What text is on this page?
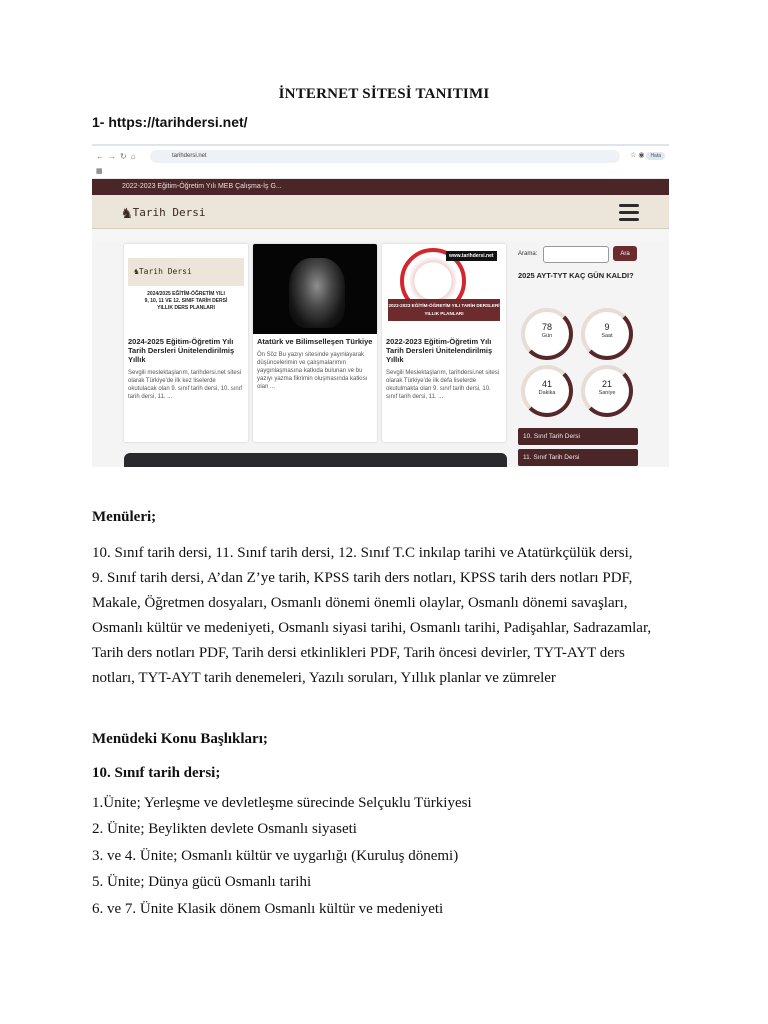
İNTERNET SİTESİ TANITIMI
1- https://tarihdersi.net/
←→↻⌂	tarihdersi.net	☆ ◉ Hata
▦
2022-2023 Eğitim-Öğretim Yılı MEB Çalışma-İş G...
♞Tarih Dersi
♞Tarih Dersi
2024/2025 EĞİTİM-ÖĞRETİM YILI
9, 10, 11 VE 12. SINIF TARİH DERSİ
YILLIK DERS PLANLARI
2024-2025 Eğitim-Öğretim Yılı Tarih Dersleri Ünitelendirilmiş Yıllık
Sevgili meslektaşlarım, tarihdersi.net sitesi olarak Türkiye'de ilk kez liselerde okutulacak olan 9. sınıf tarih dersi, 10. sınıf tarih dersi, 11. ...
Atatürk ve Bilimselleşen Türkiye
Ön Söz Bu yazıyı sitesinde yayınlayarak düşüncelerimin ve çalışmalarımın yaygınlaşmasına katkıda bulunan ve bu yazıyı yazma fikrimin oluşmasında katkısı olan ...
www.tarihdersi.net
2022-2023 EĞİTİM-ÖĞRETİM YILI TARİH DERSLERİ YILLIK PLANLARI
2022-2023 Eğitim-Öğretim Yılı Tarih Dersleri Ünitelendirilmiş Yıllık
Sevgili Meslektaşlarım, tarihdersi.net sitesi olarak Türkiye'de ilk defa liselerde okutulmakta olan 9. sınıf tarih dersi, 10. sınıf tarih dersi, 11. ...
Arama:	Ara
2025 AYT-TYT KAÇ GÜN KALDI?
78
Gün
9
Saat
41
Dakika
21
Saniye
10. Sınıf Tarih Dersi
11. Sınıf Tarih Dersi
Menüleri;
10. Sınıf tarih dersi, 11. Sınıf tarih dersi, 12. Sınıf T.C inkılap tarihi ve Atatürkçülük dersi,
9. Sınıf tarih dersi, A’dan Z’ye tarih, KPSS tarih ders notları, KPSS tarih ders notları PDF,
Makale, Öğretmen dosyaları, Osmanlı dönemi önemli olaylar, Osmanlı dönemi savaşları,
Osmanlı kültür ve medeniyeti, Osmanlı siyasi tarihi, Osmanlı tarihi, Padişahlar, Sadrazamlar,
Tarih ders notları PDF, Tarih dersi etkinlikleri PDF, Tarih öncesi devirler, TYT-AYT ders
notları, TYT-AYT tarih denemeleri, Yazılı soruları, Yıllık planlar ve zümreler
Menüdeki Konu Başlıkları;
10. Sınıf tarih dersi;
1.Ünite; Yerleşme ve devletleşme sürecinde Selçuklu Türkiyesi
2. Ünite; Beylikten devlete Osmanlı siyaseti
3. ve 4. Ünite; Osmanlı kültür ve uygarlığı (Kuruluş dönemi)
5. Ünite; Dünya gücü Osmanlı tarihi
6. ve 7. Ünite Klasik dönem Osmanlı kültür ve medeniyeti
